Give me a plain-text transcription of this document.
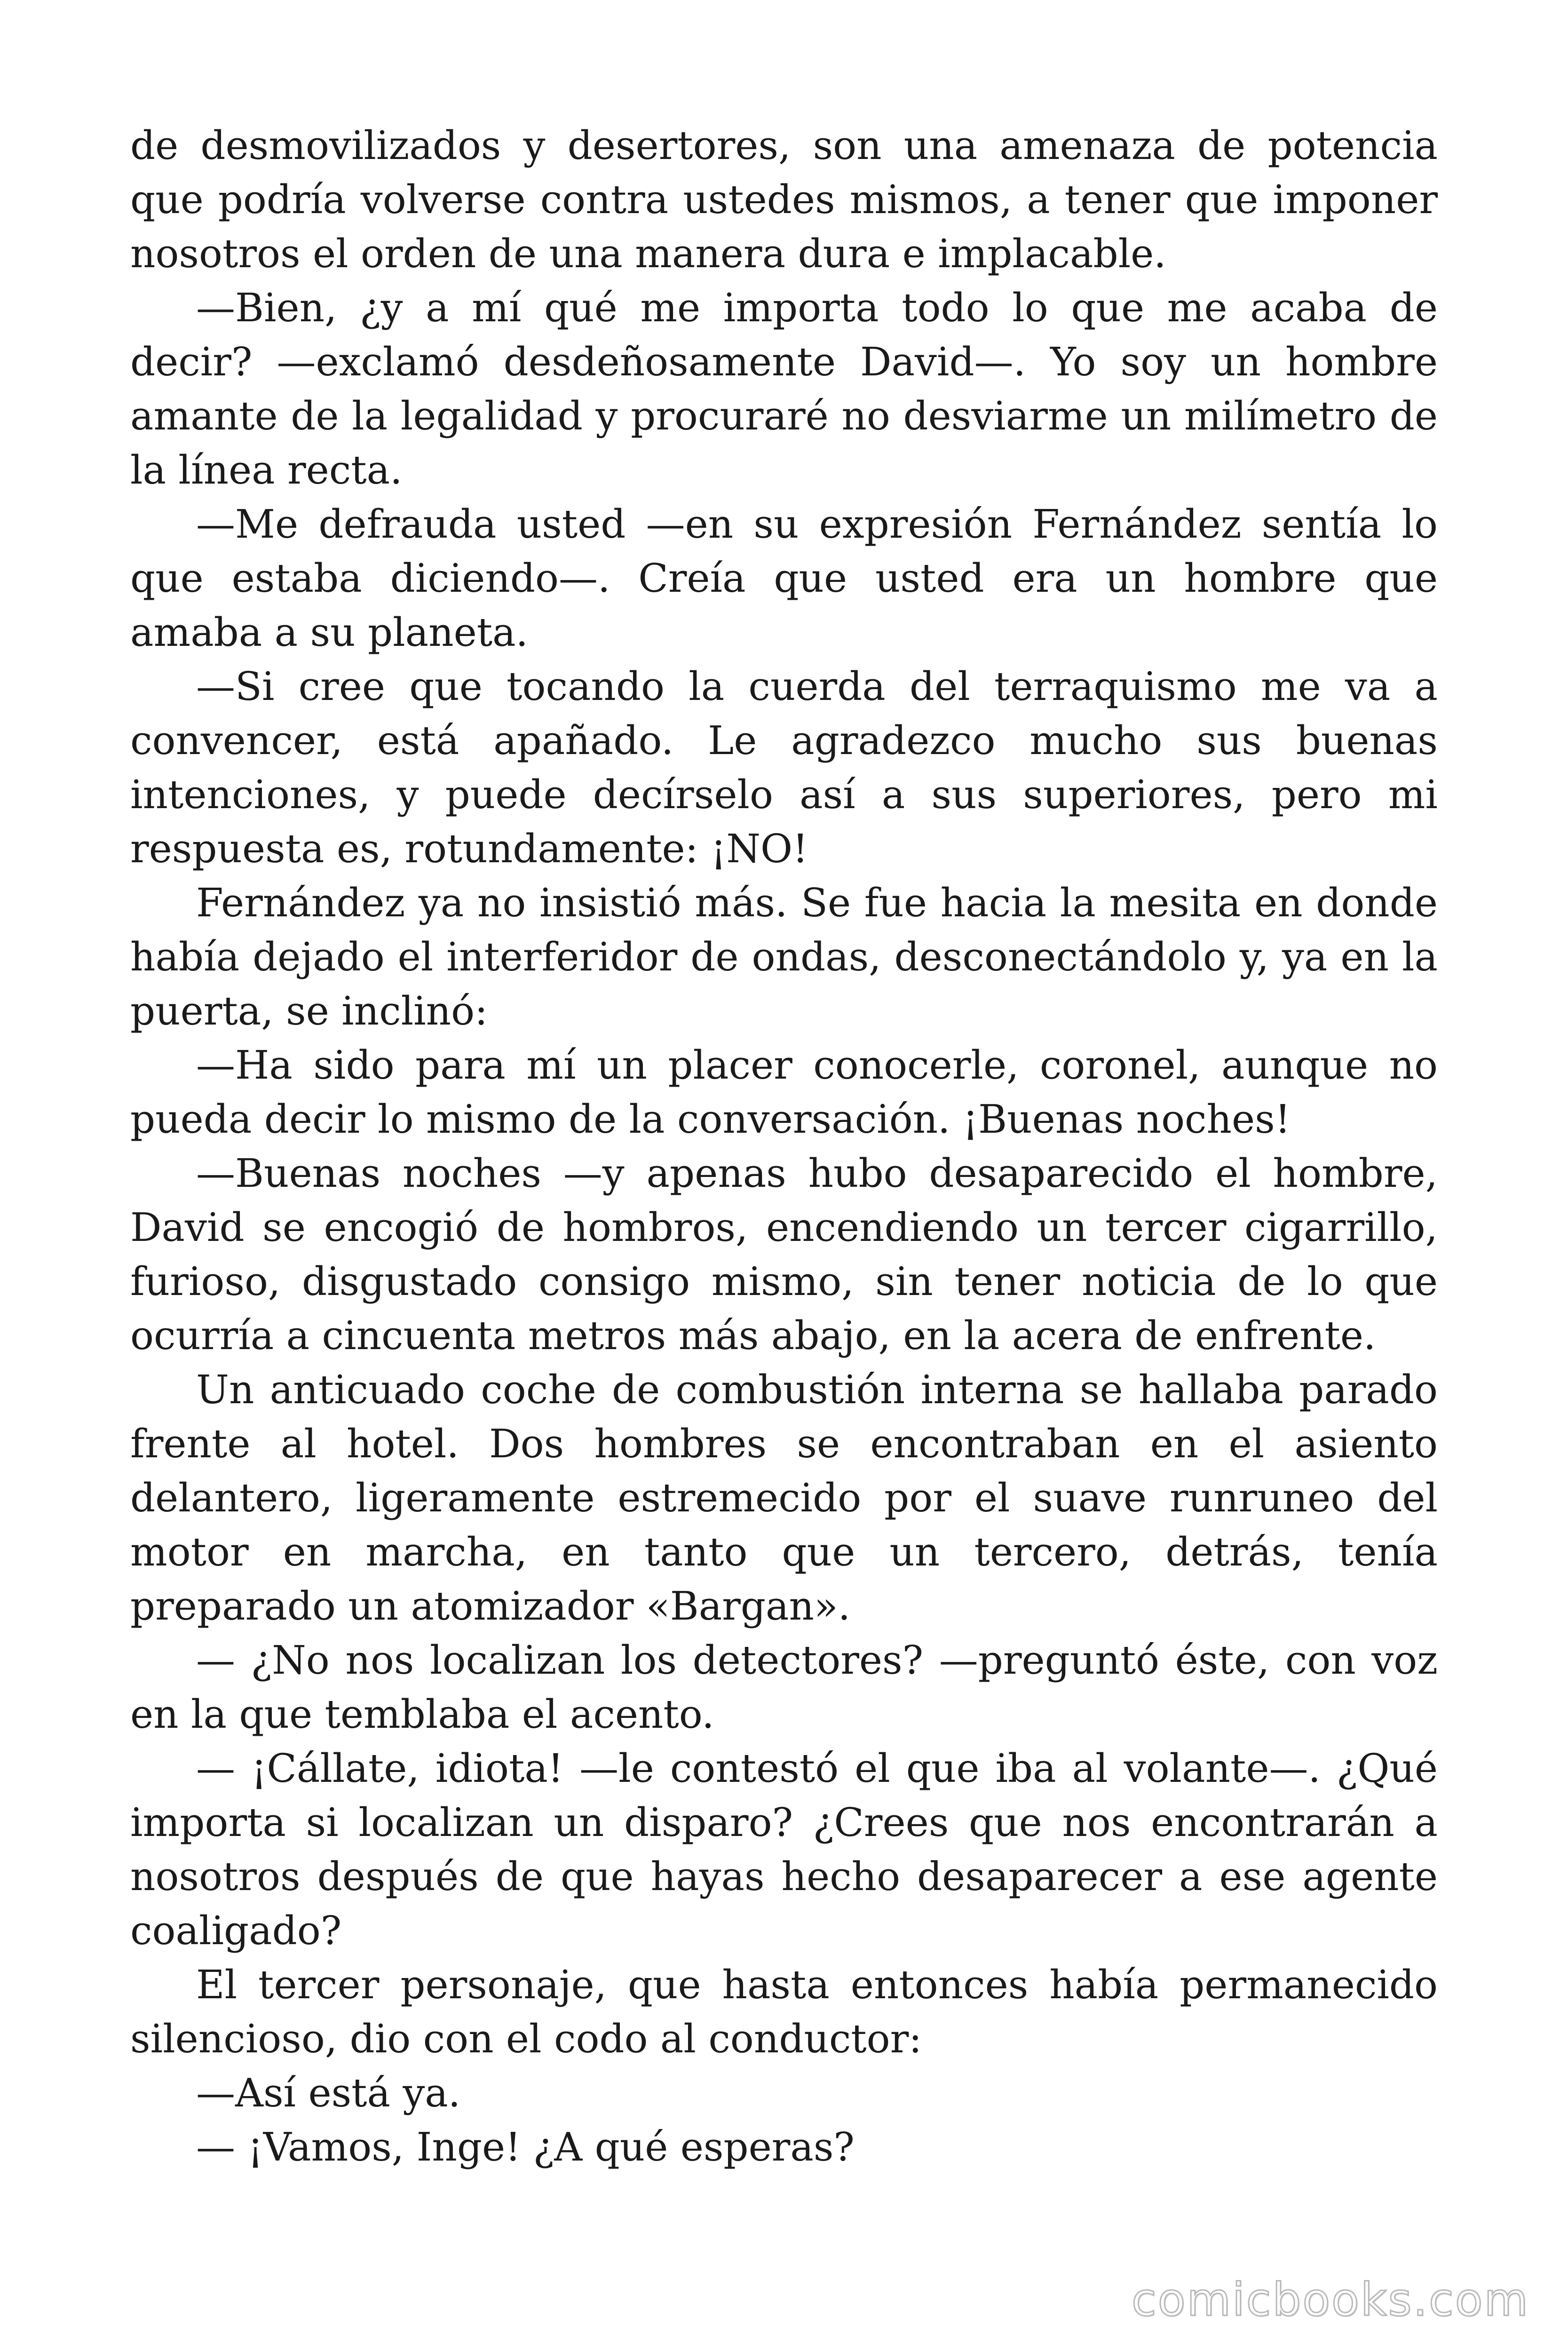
de desmovilizados y desertores, son una amenaza de potencia que podría volverse contra ustedes mismos, a tener que imponer nosotros el orden de una manera dura e implacable.

—Bien, ¿y a mí qué me importa todo lo que me acaba de decir? —exclamó desdeñosamente David—. Yo soy un hombre amante de la legalidad y procuraré no desviarme un milímetro de la línea recta.

—Me defrauda usted —en su expresión Fernández sentía lo que estaba diciendo—. Creía que usted era un hombre que amaba a su planeta.

—Si cree que tocando la cuerda del terraquismo me va a convencer, está apañado. Le agradezco mucho sus buenas intenciones, y puede decírselo así a sus superiores, pero mi respuesta es, rotundamente: ¡NO!

Fernández ya no insistió más. Se fue hacia la mesita en donde había dejado el interferidor de ondas, desconectándolo y, ya en la puerta, se inclinó:

—Ha sido para mí un placer conocerle, coronel, aunque no pueda decir lo mismo de la conversación. ¡Buenas noches!

—Buenas noches —y apenas hubo desaparecido el hombre, David se encogió de hombros, encendiendo un tercer cigarrillo, furioso, disgustado consigo mismo, sin tener noticia de lo que ocurría a cincuenta metros más abajo, en la acera de enfrente.

Un anticuado coche de combustión interna se hallaba parado frente al hotel. Dos hombres se encontraban en el asiento delantero, ligeramente estremecido por el suave runruneo del motor en marcha, en tanto que un tercero, detrás, tenía preparado un atomizador «Bargan».

— ¿No nos localizan los detectores? —preguntó éste, con voz en la que temblaba el acento.

— ¡Cállate, idiota! —le contestó el que iba al volante—. ¿Qué importa si localizan un disparo? ¿Crees que nos encontrarán a nosotros después de que hayas hecho desaparecer a ese agente coaligado?

El tercer personaje, que hasta entonces había permanecido silencioso, dio con el codo al conductor:

—Así está ya.

— ¡Vamos, Inge! ¿A qué esperas?

comicbooks.com
